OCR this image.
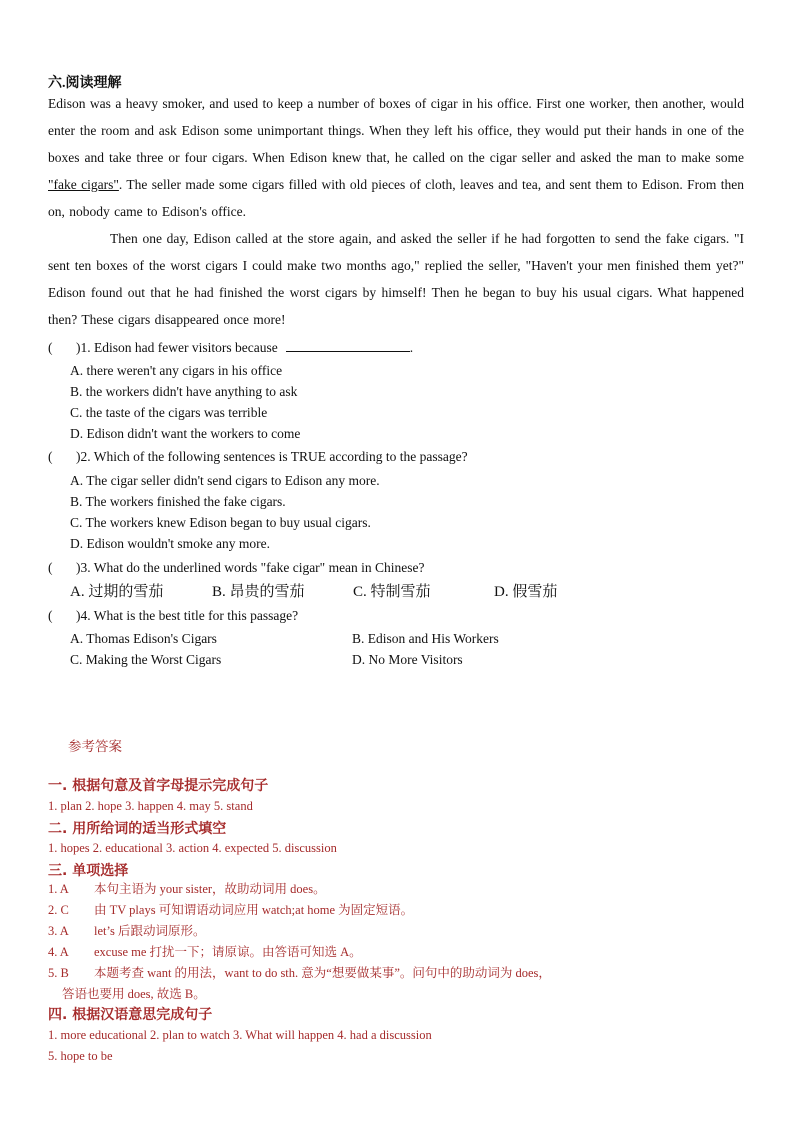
六.阅读理解

Edison was a heavy smoker, and used to keep a number of boxes of cigar in his office. First one worker, then another, would enter the room and ask Edison some unimportant things. When they left his office, they would put their hands in one of the boxes and take three or four cigars. When Edison knew that, he called on the cigar seller and asked the man to make some "fake cigars". The seller made some cigars filled with old pieces of cloth, leaves and tea, and sent them to Edison. From then on, nobody came to Edison's office.

Then one day, Edison called at the store again, and asked the seller if he had forgotten to send the fake cigars. "I sent ten boxes of the worst cigars I could make two months ago," replied the seller, "Haven't your men finished them yet?" Edison found out that he had finished the worst cigars by himself! Then he began to buy his usual cigars. What happened then? These cigars disappeared once more!

( )1. Edison had fewer visitors because	.
A. there weren't any cigars in his office
B. the workers didn't have anything to ask
C. the taste of the cigars was terrible
D. Edison didn't want the workers to come
( )2. Which of the following sentences is TRUE according to the passage?
A. The cigar seller didn't send cigars to Edison any more.
B. The workers finished the fake cigars.
C. The workers knew Edison began to buy usual cigars.
D. Edison wouldn't smoke any more.
( )3. What do the underlined words "fake cigar" mean in Chinese?
A. 过期的雪茄	B. 昂贵的雪茄	C. 特制雪茄	D. 假雪茄
( )4. What is the best title for this passage?
A. Thomas Edison's Cigars	B. Edison and His Workers
C. Making the Worst Cigars	D. No More Visitors
参考答案
一. 根据句意及首字母提示完成句子
1. plan 2. hope 3. happen 4. may 5. stand
二. 用所给词的适当形式填空
1. hopes 2. educational 3. action 4. expected 5. discussion
三. 单项选择
1. A 本句主语为 your sister，故助动词用 does。
2. C 由 TV plays 可知谓语动词应用 watch;at home 为固定短语。
3. A let’s 后跟动词原形。
4. A excuse me 打扰一下；请原谅。由答语可知选 A。
5. B 本题考查 want 的用法，want to do sth. 意为“想要做某事”。问句中的助动词为 does，
答语也要用 does, 故选 B。
四. 根据汉语意思完成句子
1. more educational 2. plan to watch 3. What will happen 4. had a discussion
5. hope to be
